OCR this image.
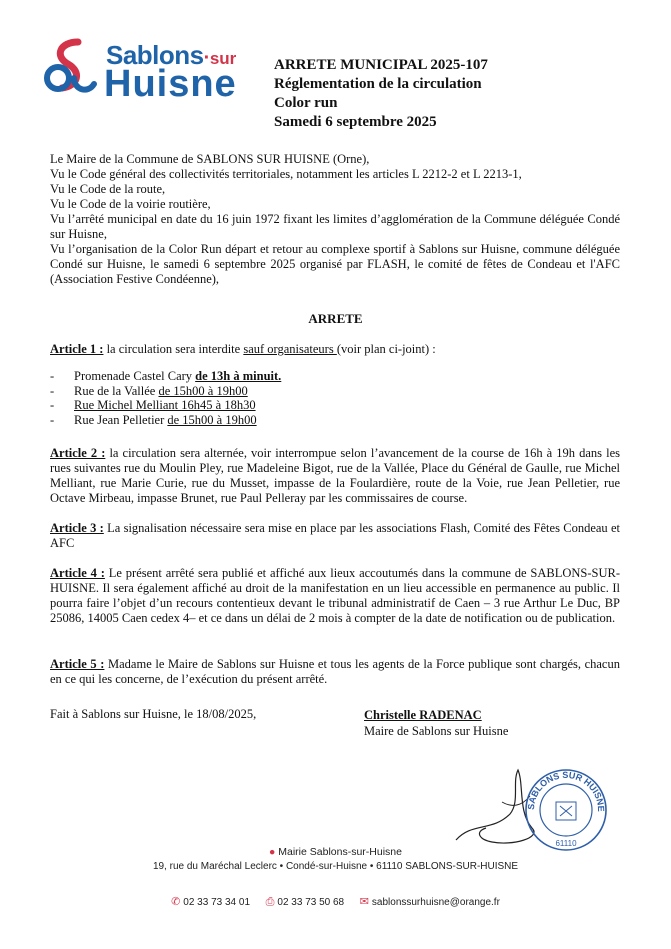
Sablons·sur
Huisne ARRETE MUNICIPAL 2025-107
Réglementation de la circulation
Color run
Samedi 6 septembre 2025

Le Maire de la Commune de SABLONS SUR HUISNE (Orne),

Vu le Code général des collectivités territoriales, notamment les articles L 2212-2 et L 2213-1,

Vu le Code de la route,

Vu le Code de la voirie routière,

Vu l’arrêté municipal en date du 16 juin 1972 fixant les limites d’agglomération de la Commune déléguée Condé sur Huisne,

Vu l’organisation de la Color Run départ et retour au complexe sportif à Sablons sur Huisne, commune déléguée Condé sur Huisne, le samedi 6 septembre 2025 organisé par FLASH, le comité de fêtes de Condeau et l'AFC (Association Festive Condéenne),

ARRETE
Article 1 : la circulation sera interdite sauf organisateurs (voir plan ci-joint) :
-	Promenade Castel Cary de 13h à minuit.
-	Rue de la Vallée de 15h00 à 19h00
-	Rue Michel Melliant 16h45 à 18h30
-	Rue Jean Pelletier de 15h00 à 19h00
Article 2 : la circulation sera alternée, voir interrompue selon l’avancement de la course de 16h à 19h dans les rues suivantes rue du Moulin Pley, rue Madeleine Bigot, rue de la Vallée, Place du Général de Gaulle, rue Michel Melliant, rue Marie Curie, rue du Musset, impasse de la Foulardière, route de la Voie, rue Jean Pelletier, rue Octave Mirbeau, impasse Brunet, rue Paul Pelleray par les commissaires de course.
Article 3 : La signalisation nécessaire sera mise en place par les associations Flash, Comité des Fêtes Condeau et AFC
Article 4 : Le présent arrêté sera publié et affiché aux lieux accoutumés dans la commune de SABLONS-SUR-HUISNE. Il sera également affiché au droit de la manifestation en un lieu accessible en permanence au public. Il pourra faire l’objet d’un recours contentieux devant le tribunal administratif de Caen – 3 rue Arthur Le Duc, BP 25086, 14005 Caen cedex 4– et ce dans un délai de 2 mois à compter de la date de notification ou de publication.
Article 5 : Madame le Maire de Sablons sur Huisne et tous les agents de la Force publique sont chargés, chacun en ce qui les concerne, de l’exécution du présent arrêté.
Fait à Sablons sur Huisne, le 18/08/2025,	Christelle RADENAC
Maire de Sablons sur Huisne
SABLONS SUR HUISNE
61110
● Mairie Sablons-sur-Huisne
19, rue du Maréchal Leclerc • Condé-sur-Huisne • 61110 SABLONS-SUR-HUISNE
✆ 02 33 73 34 01 ⎙ 02 33 73 50 68 ✉ sablonssurhuisne@orange.fr
